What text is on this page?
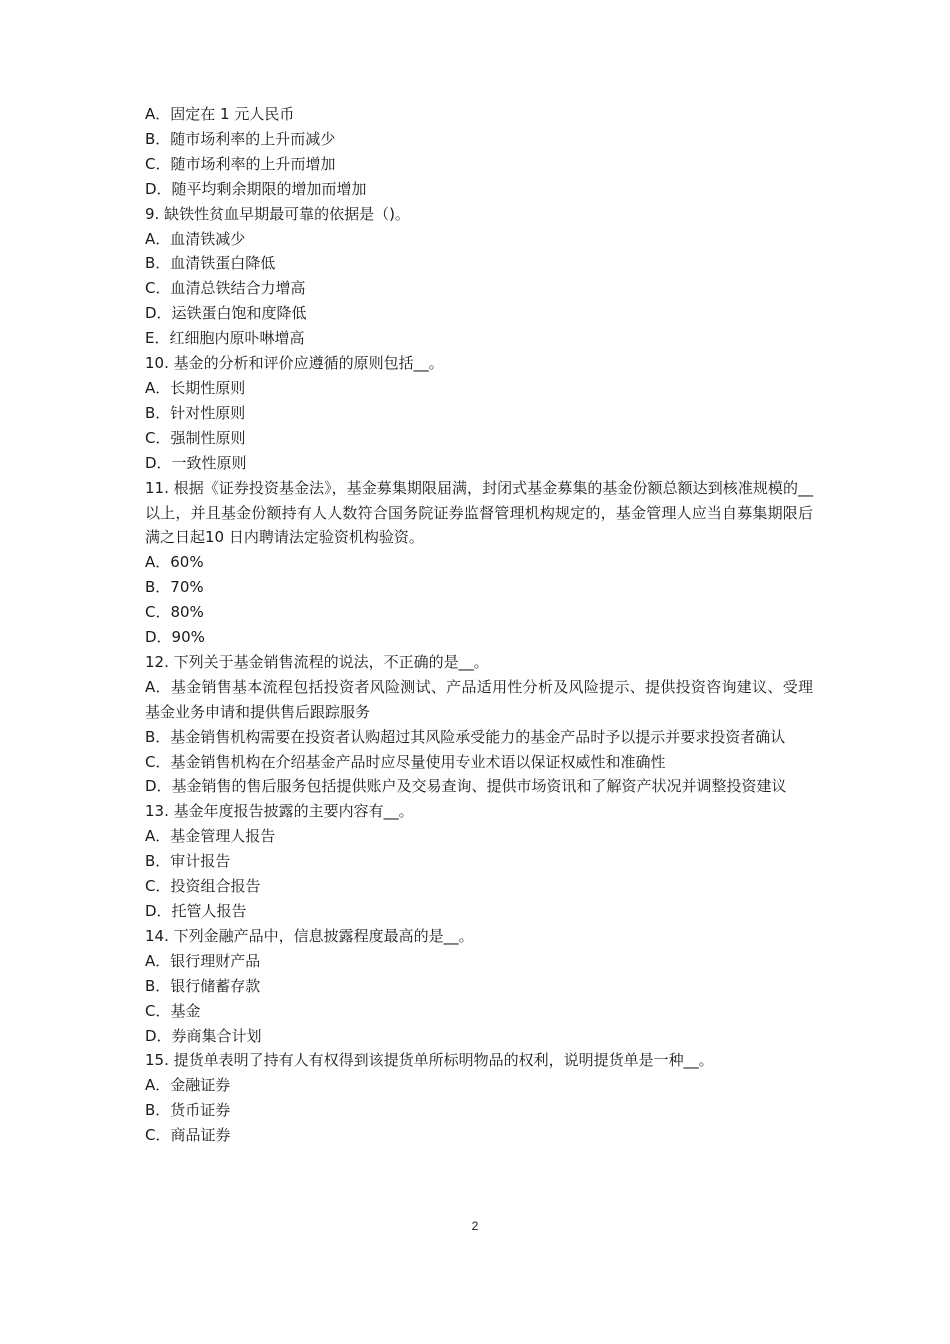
A．固定在 1 元人民币
B．随市场利率的上升而减少
C．随市场利率的上升而增加
D．随平均剩余期限的增加而增加
9. 缺铁性贫血早期最可靠的依据是（)。
A．血清铁减少
B．血清铁蛋白降低
C．血清总铁结合力增高
D．运铁蛋白饱和度降低
E．红细胞内原卟啉增高
10. 基金的分析和评价应遵循的原则包括__。
A．长期性原则
B．针对性原则
C．强制性原则
D．一致性原则
11. 根据《证券投资基金法》，基金募集期限届满，封闭式基金募集的基金份额总额达到核准规模的__以上，并且基金份额持有人人数符合国务院证券监督管理机构规定的，基金管理人应当自募集期限后满之日起10 日内聘请法定验资机构验资。
A．60%
B．70%
C．80%
D．90%
12. 下列关于基金销售流程的说法，不正确的是__。
A．基金销售基本流程包括投资者风险测试、产品适用性分析及风险提示、提供投资咨询建议、受理基金业务申请和提供售后跟踪服务
B．基金销售机构需要在投资者认购超过其风险承受能力的基金产品时予以提示并要求投资者确认
C．基金销售机构在介绍基金产品时应尽量使用专业术语以保证权威性和准确性
D．基金销售的售后服务包括提供账户及交易查询、提供市场资讯和了解资产状况并调整投资建议
13. 基金年度报告披露的主要内容有__。
A．基金管理人报告
B．审计报告
C．投资组合报告
D．托管人报告
14. 下列金融产品中，信息披露程度最高的是__。
A．银行理财产品
B．银行储蓄存款
C．基金
D．券商集合计划
15. 提货单表明了持有人有权得到该提货单所标明物品的权利，说明提货单是一种__。
A．金融证券
B．货币证券
C．商品证券
2
